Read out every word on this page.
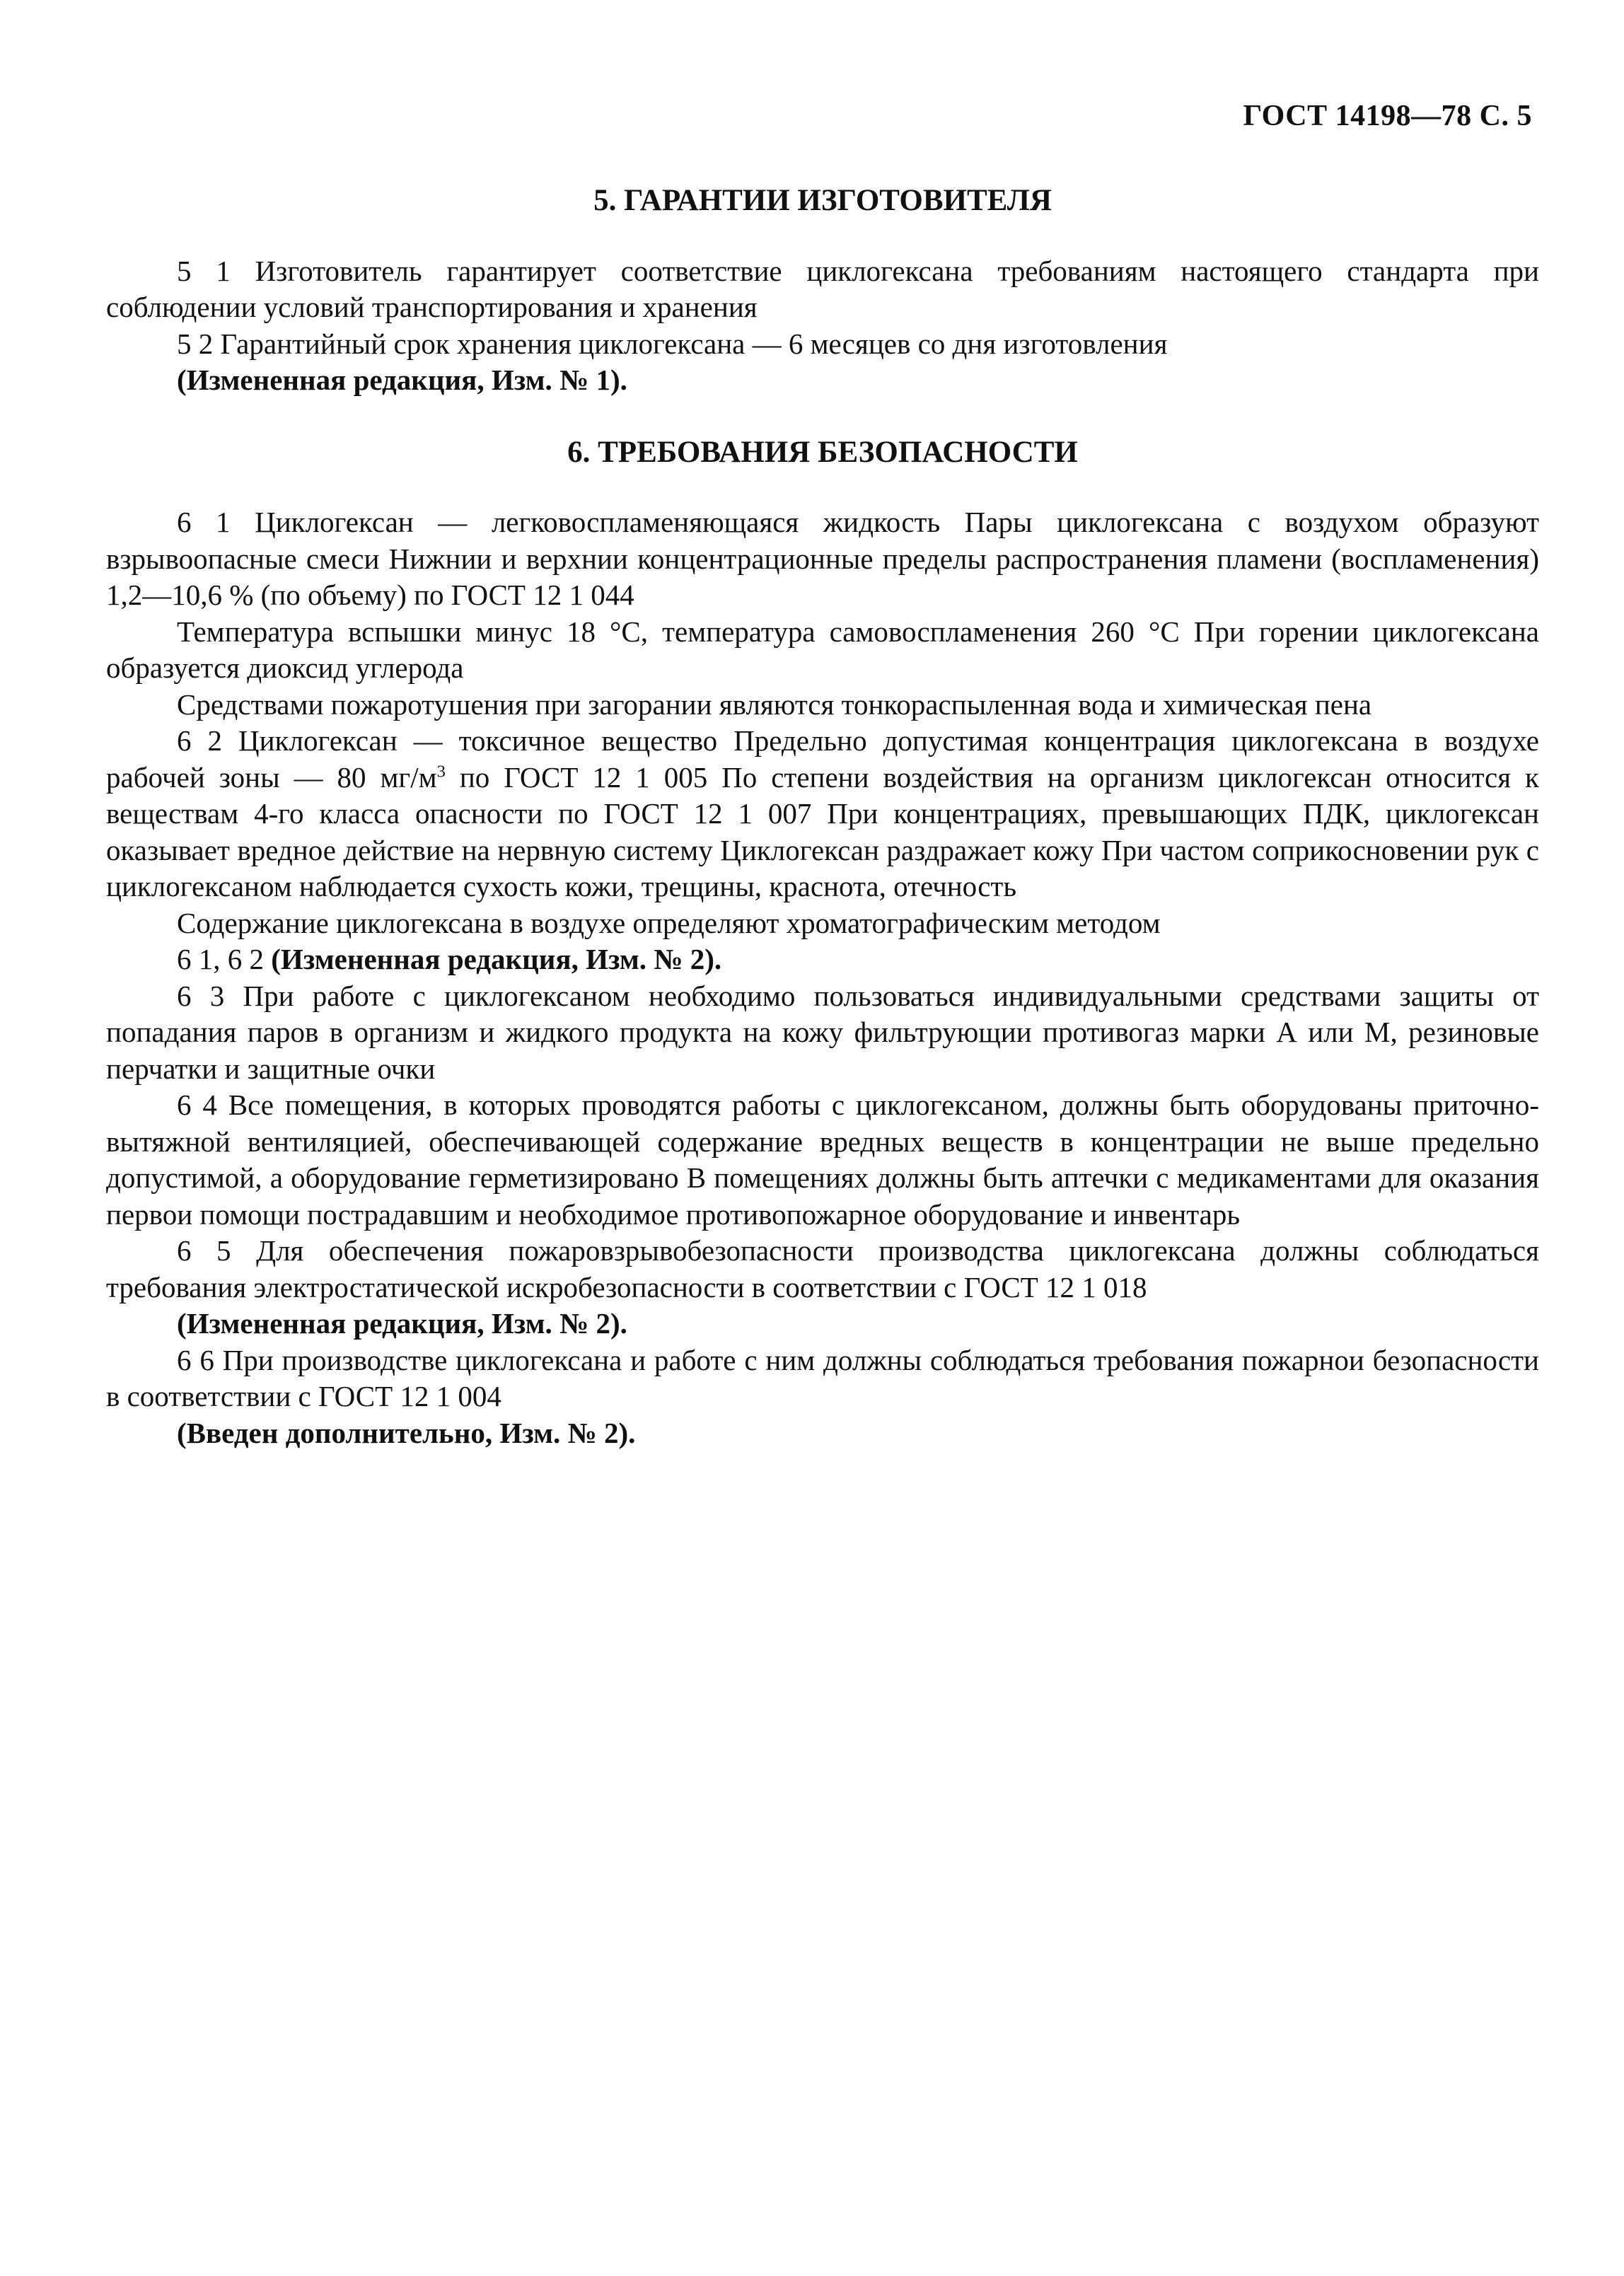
ГОСТ 14198—78 С. 5
5. ГАРАНТИИ ИЗГОТОВИТЕЛЯ

5 1 Изготовитель гарантирует соответствие циклогексана требованиям настоящего стандарта при соблюдении условий транспортирования и хранения

5 2 Гарантийный срок хранения циклогексана — 6 месяцев со дня изготовления

(Измененная редакция, Изм. № 1).

6. ТРЕБОВАНИЯ БЕЗОПАСНОСТИ

6 1 Циклогексан — легковоспламеняющаяся жидкость Пары циклогексана с воздухом образуют взрывоопасные смеси Нижнии и верхнии концентрационные пределы распространения пламени (воспламенения) 1,2—10,6 % (по объему) по ГОСТ 12 1 044

Температура вспышки минус 18 °С, температура самовоспламенения 260 °С При горении циклогексана образуется диоксид углерода

Средствами пожаротушения при загорании являются тонкораспыленная вода и химическая пена

6 2 Циклогексан — токсичное вещество Предельно допустимая концентрация циклогексана в воздухе рабочей зоны — 80 $мг/м^3$ по ГОСТ 12 1 005 По степени воздействия на организм циклогексан относится к веществам 4-го класса опасности по ГОСТ 12 1 007 При концентрациях, превышающих ПДК, циклогексан оказывает вредное действие на нервную систему Циклогексан раздражает кожу При частом соприкосновении рук с циклогексаном наблюдается сухость кожи, трещины, краснота, отечность

Содержание циклогексана в воздухе определяют хроматографическим методом

6 1, 6 2 (Измененная редакция, Изм. № 2).

6 3 При работе с циклогексаном необходимо пользоваться индивидуальными средствами защиты от попадания паров в организм и жидкого продукта на кожу фильтрующии противогаз марки А или М, резиновые перчатки и защитные очки

6 4 Все помещения, в которых проводятся работы с циклогексаном, должны быть оборудованы приточно-вытяжной вентиляцией, обеспечивающей содержание вредных веществ в концентрации не выше предельно допустимой, а оборудование герметизировано В помещениях должны быть аптечки с медикаментами для оказания первои помощи пострадавшим и необходимое противопожарное оборудование и инвентарь

6 5 Для обеспечения пожаровзрывобезопасности производства циклогексана должны соблюдаться требования электростатической искробезопасности в соответствии с ГОСТ 12 1 018

(Измененная редакция, Изм. № 2).

6 6 При производстве циклогексана и работе с ним должны соблюдаться требования пожарнои безопасности в соответствии с ГОСТ 12 1 004

(Введен дополнительно, Изм. № 2).
